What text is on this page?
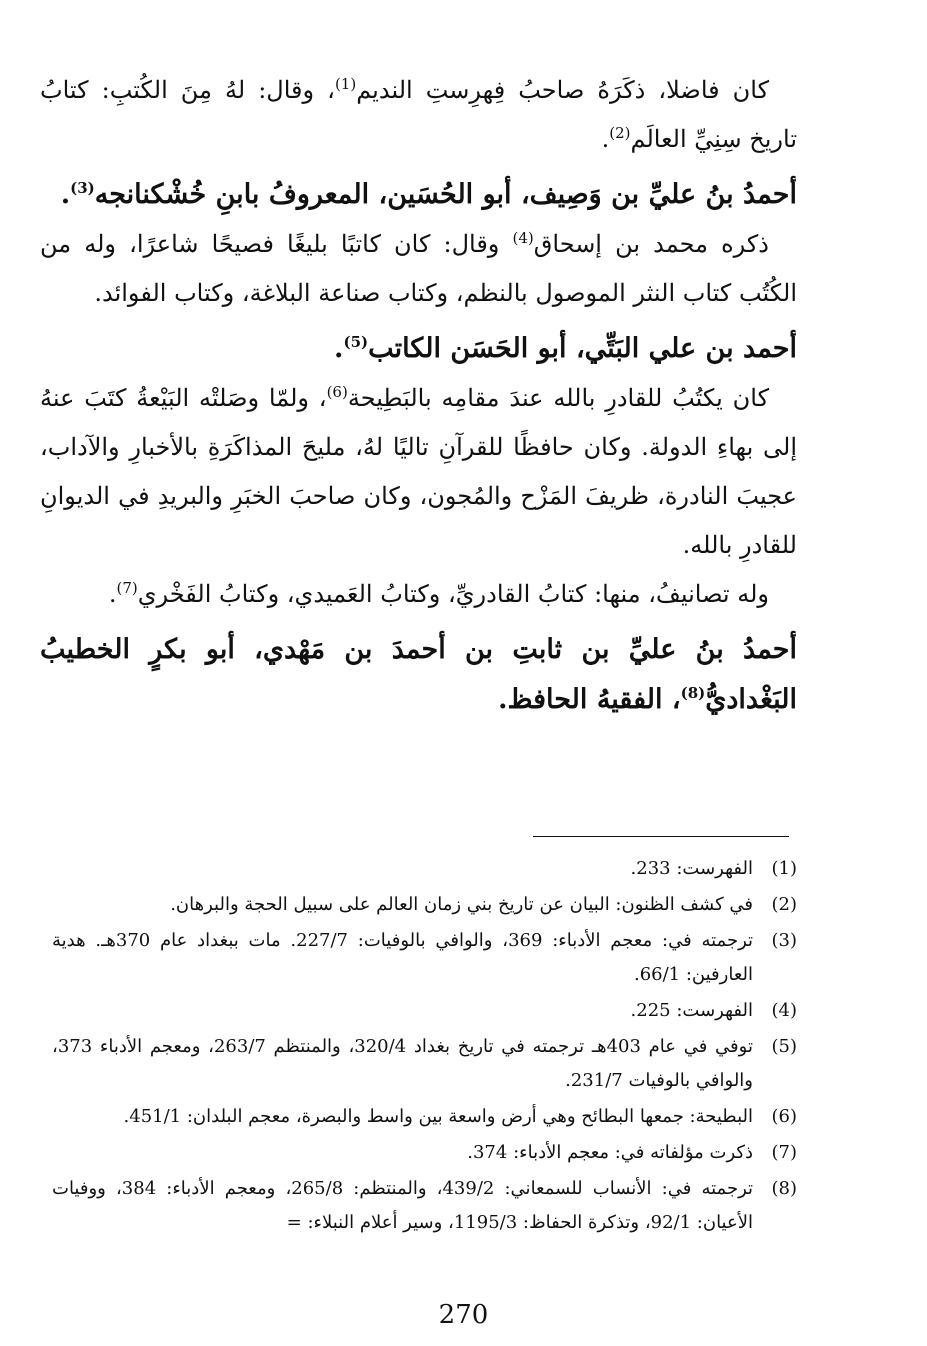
كان فاضلا، ذكَرَهُ صاحبُ فِهرِستِ النديم$^{(1)}$، وقال: لهُ مِنَ الكُتبِ: كتابُ تاريخ سِنِيِّ العالَم$^{(2)}$.

أحمدُ بنُ عليِّ بن وَصِيف، أبو الحُسَين، المعروفُ بابنِ خُشْكنانجه$^{(3)}$.

ذكره محمد بن إسحاق$^{(4)}$ وقال: كان كاتبًا بليغًا فصيحًا شاعرًا، وله من الكُتُب كتاب النثر الموصول بالنظم، وكتاب صناعة البلاغة، وكتاب الفوائد.

أحمد بن علي البَتِّي، أبو الحَسَن الكاتب$^{(5)}$.

كان يكتُبُ للقادرِ بالله عندَ مقامِه بالبَطِيحة$^{(6)}$، ولمّا وصَلتْه البَيْعةُ كتَبَ عنهُ إلى بهاءِ الدولة. وكان حافظًا للقرآنِ تاليًا لهُ، مليحَ المذاكَرَةِ بالأخبارِ والآداب، عجيبَ النادرة، ظريفَ المَزْح والمُجون، وكان صاحبَ الخبَرِ والبريدِ في الديوانِ للقادرِ بالله.

وله تصانيفُ، منها: كتابُ القادريِّ، وكتابُ العَميدي، وكتابُ الفَخْري$^{(7)}$.

أحمدُ بنُ عليِّ بن ثابتِ بن أحمدَ بن مَهْدي، أبو بكرٍ الخطيبُ البَغْداديُّ$^{(8)}$، الفقيهُ الحافظ.

(1)
الفهرست: 233.
(2)
في كشف الظنون: البيان عن تاريخ بني زمان العالم على سبيل الحجة والبرهان.
(3)
ترجمته في: معجم الأدباء: 369، والوافي بالوفيات: 227/7. مات ببغداد عام 370هـ. هدية العارفين: 66/1.
(4)
الفهرست: 225.
(5)
توفي في عام 403هـ ترجمته في تاريخ بغداد 320/4، والمنتظم 263/7، ومعجم الأدباء 373، والوافي بالوفيات 231/7.
(6)
البطيحة: جمعها البطائح وهي أرض واسعة بين واسط والبصرة، معجم البلدان: 451/1.
(7)
ذكرت مؤلفاته في: معجم الأدباء: 374.
(8)
ترجمته في: الأنساب للسمعاني: 439/2، والمنتظم: 265/8، ومعجم الأدباء: 384، ووفيات الأعيان: 92/1، وتذكرة الحفاظ: 1195/3، وسير أعلام النبلاء: =
270
